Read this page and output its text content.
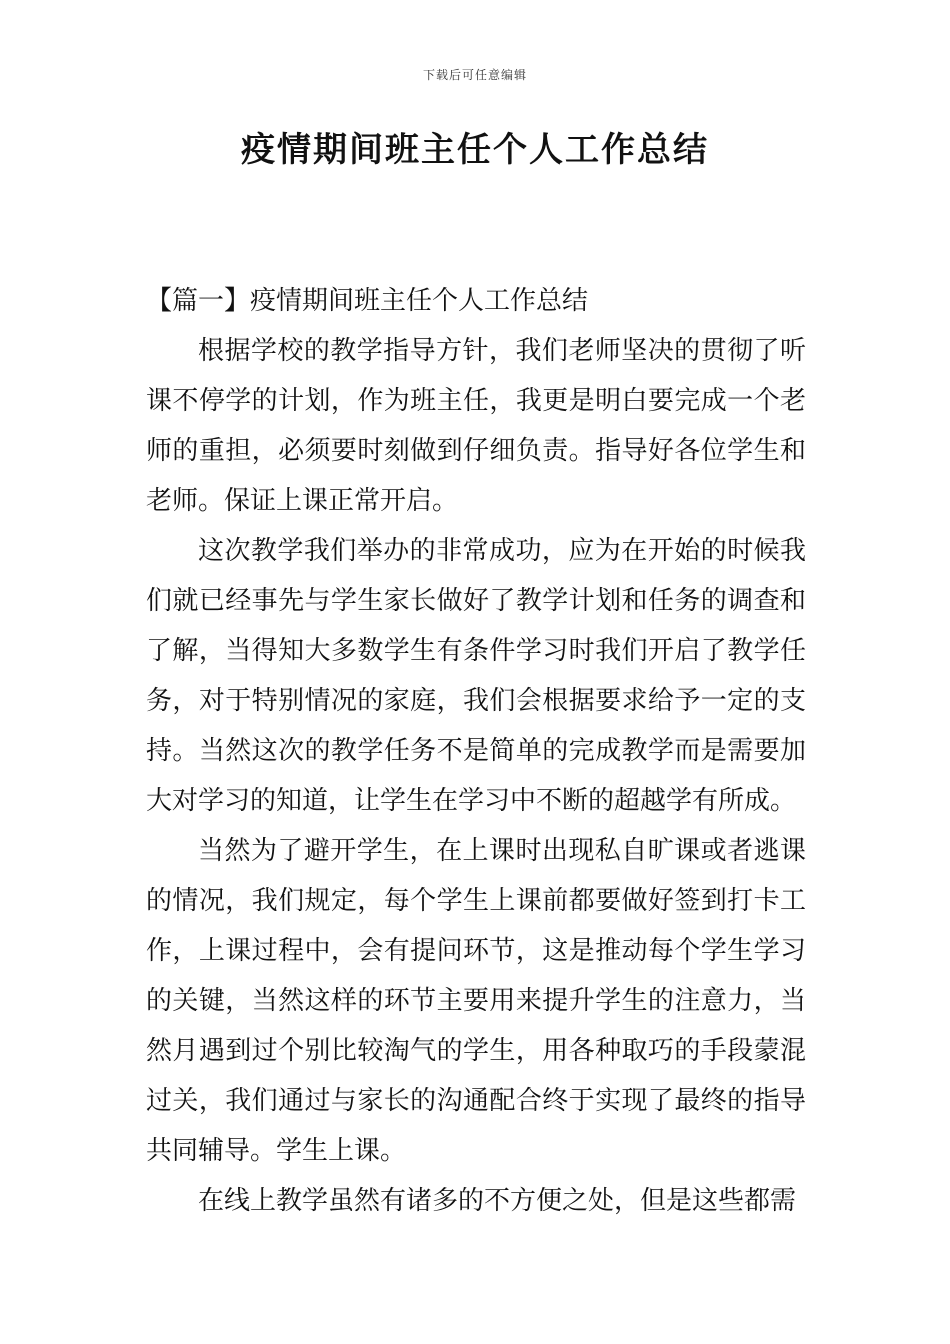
下载后可任意编辑
疫情期间班主任个人工作总结

【篇一】疫情期间班主任个人工作总结

根据学校的教学指导方针，我们老师坚决的贯彻了听课不停学的计划，作为班主任，我更是明白要完成一个老师的重担，必须要时刻做到仔细负责。指导好各位学生和老师。保证上课正常开启。

这次教学我们举办的非常成功，应为在开始的时候我们就已经事先与学生家长做好了教学计划和任务的调查和了解，当得知大多数学生有条件学习时我们开启了教学任务，对于特别情况的家庭，我们会根据要求给予一定的支持。当然这次的教学任务不是简单的完成教学而是需要加大对学习的知道，让学生在学习中不断的超越学有所成。

当然为了避开学生，在上课时出现私自旷课或者逃课的情况，我们规定，每个学生上课前都要做好签到打卡工作，上课过程中，会有提问环节，这是推动每个学生学习的关键，当然这样的环节主要用来提升学生的注意力，当然月遇到过个别比较淘气的学生，用各种取巧的手段蒙混过关，我们通过与家长的沟通配合终于实现了最终的指导共同辅导。学生上课。

在线上教学虽然有诸多的不方便之处，但是这些都需
